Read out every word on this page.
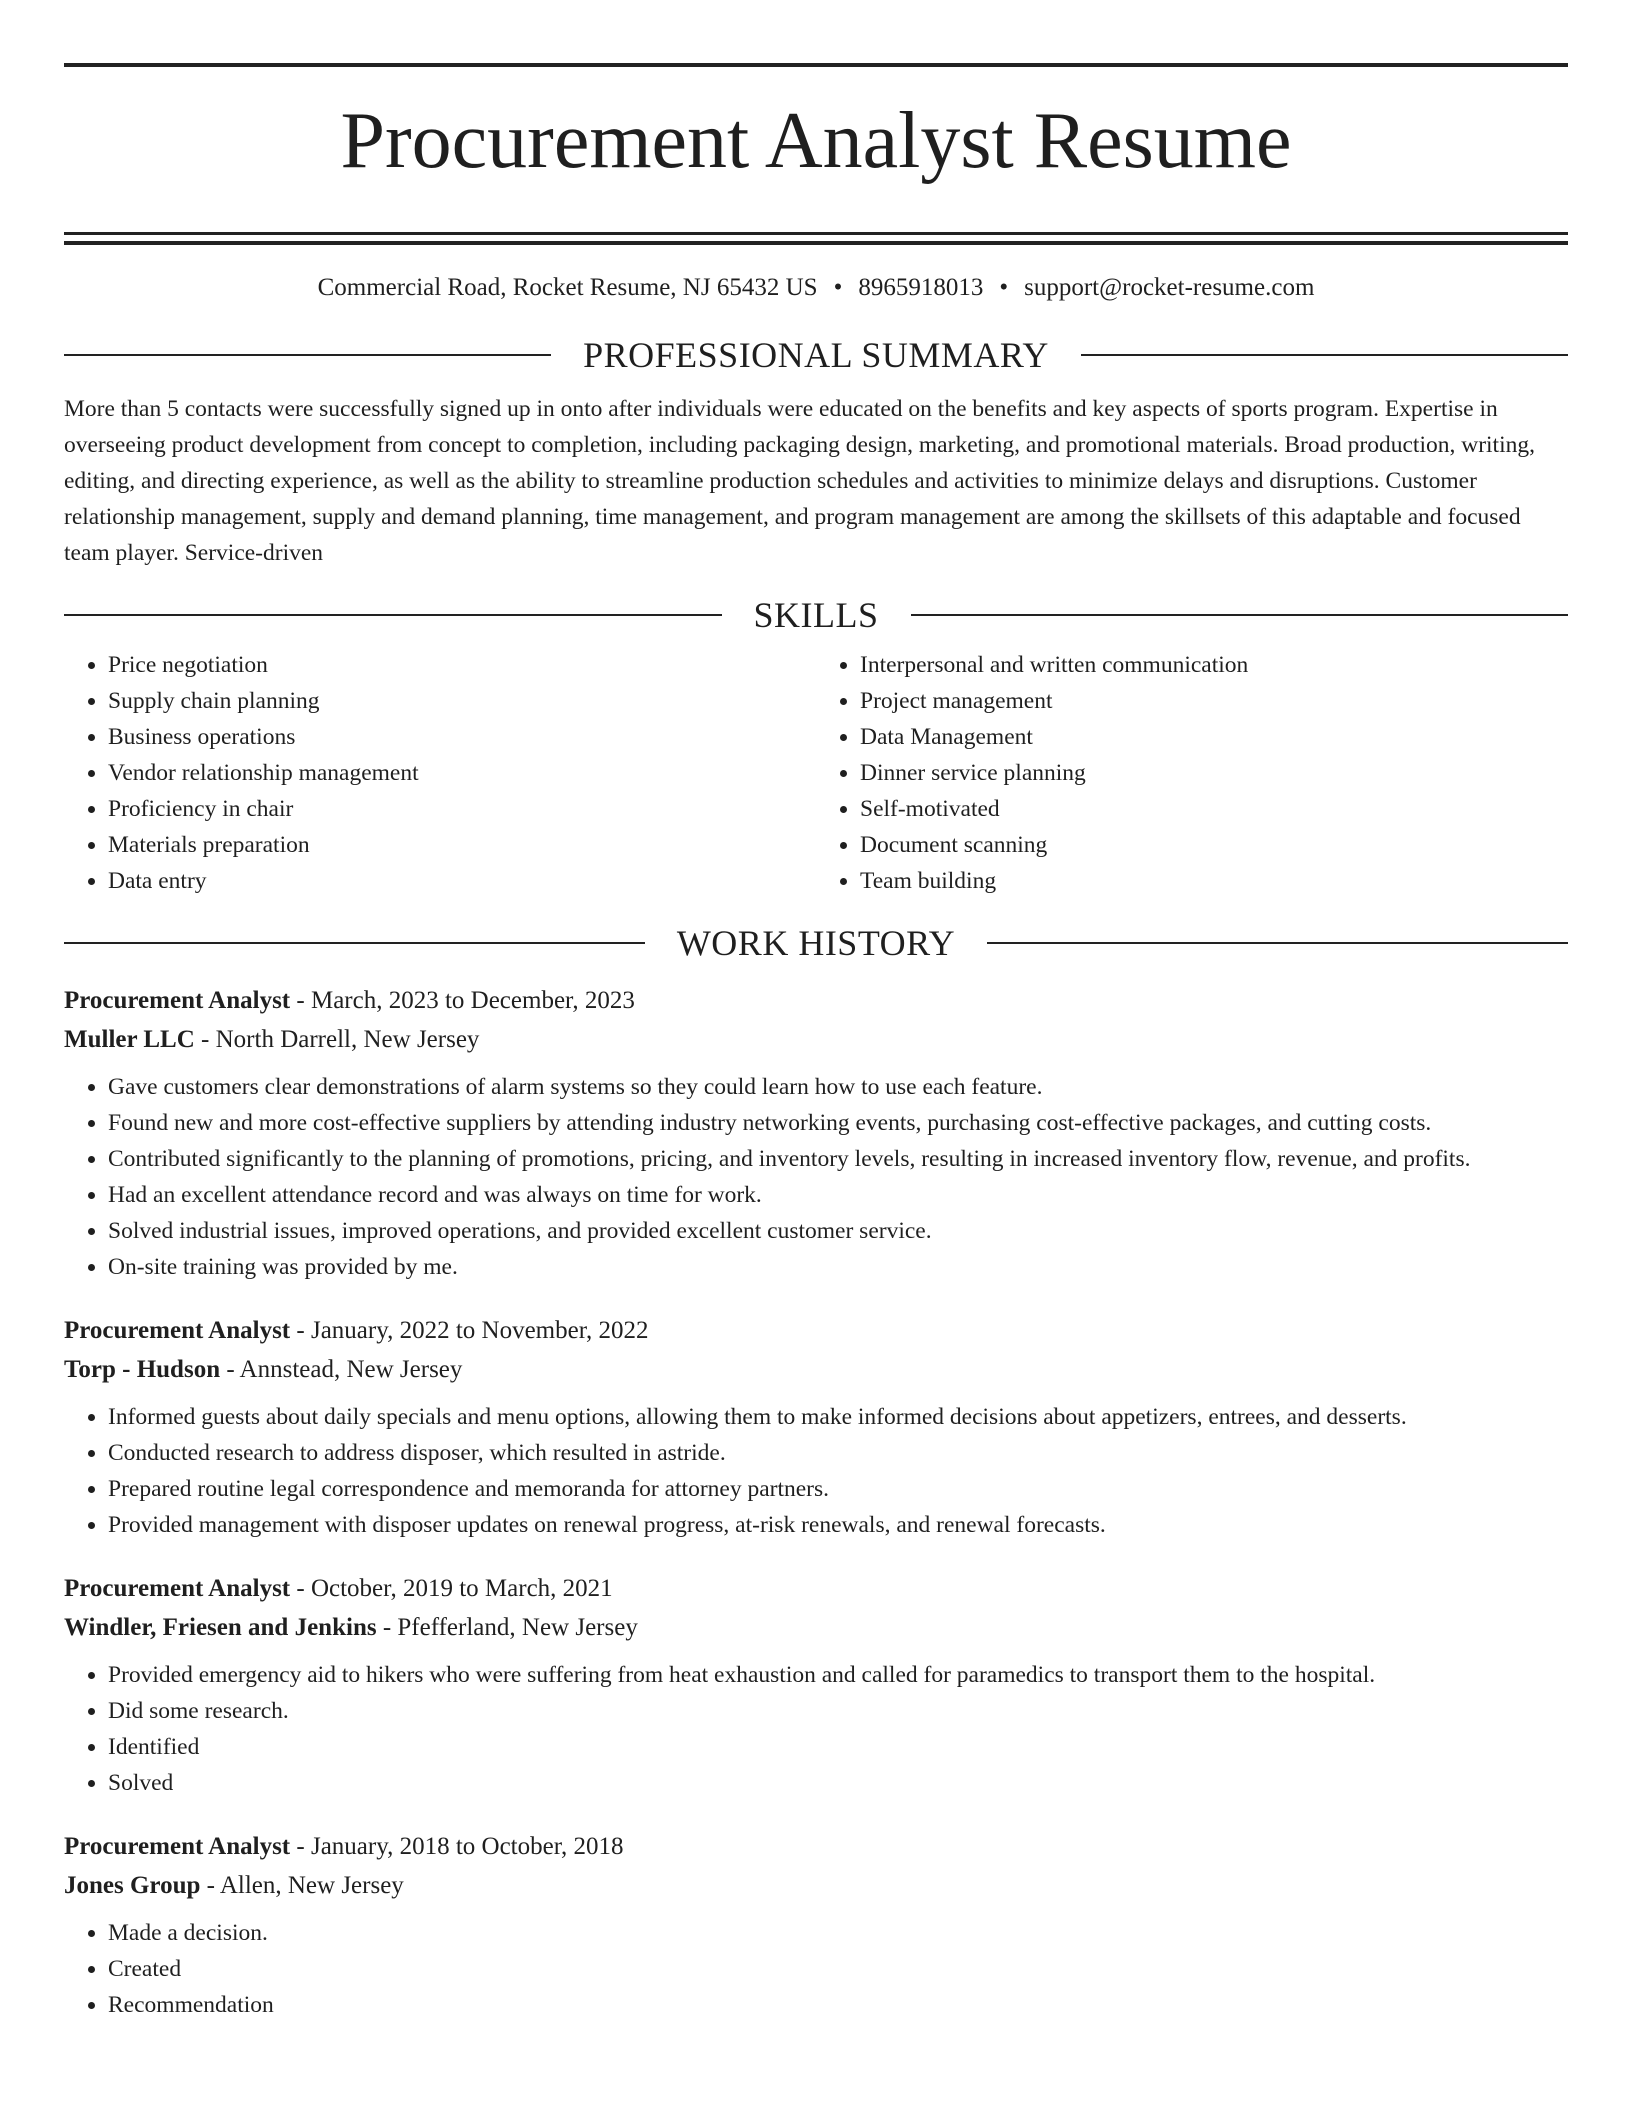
Procurement Analyst Resume
Commercial Road, Rocket Resume, NJ 65432 US • 8965918013 • support@rocket-resume.com
PROFESSIONAL SUMMARY
More than 5 contacts were successfully signed up in onto after individuals were educated on the benefits and key aspects of sports program. Expertise in overseeing product development from concept to completion, including packaging design, marketing, and promotional materials. Broad production, writing, editing, and directing experience, as well as the ability to streamline production schedules and activities to minimize delays and disruptions. Customer relationship management, supply and demand planning, time management, and program management are among the skillsets of this adaptable and focused team player. Service-driven
SKILLS
• Price negotiation
• Supply chain planning
• Business operations
• Vendor relationship management
• Proficiency in chair
• Materials preparation
• Data entry
• Interpersonal and written communication
• Project management
• Data Management
• Dinner service planning
• Self-motivated
• Document scanning
• Team building
WORK HISTORY
Procurement Analyst - March, 2023 to December, 2023
Muller LLC - North Darrell, New Jersey
• Gave customers clear demonstrations of alarm systems so they could learn how to use each feature.
• Found new and more cost-effective suppliers by attending industry networking events, purchasing cost-effective packages, and cutting costs.
• Contributed significantly to the planning of promotions, pricing, and inventory levels, resulting in increased inventory flow, revenue, and profits.
• Had an excellent attendance record and was always on time for work.
• Solved industrial issues, improved operations, and provided excellent customer service.
• On-site training was provided by me.
Procurement Analyst - January, 2022 to November, 2022
Torp - Hudson - Annstead, New Jersey
• Informed guests about daily specials and menu options, allowing them to make informed decisions about appetizers, entrees, and desserts.
• Conducted research to address disposer, which resulted in astride.
• Prepared routine legal correspondence and memoranda for attorney partners.
• Provided management with disposer updates on renewal progress, at-risk renewals, and renewal forecasts.
Procurement Analyst - October, 2019 to March, 2021
Windler, Friesen and Jenkins - Pfefferland, New Jersey
• Provided emergency aid to hikers who were suffering from heat exhaustion and called for paramedics to transport them to the hospital.
• Did some research.
• Identified
• Solved
Procurement Analyst - January, 2018 to October, 2018
Jones Group - Allen, New Jersey
• Made a decision.
• Created
• Recommendation
